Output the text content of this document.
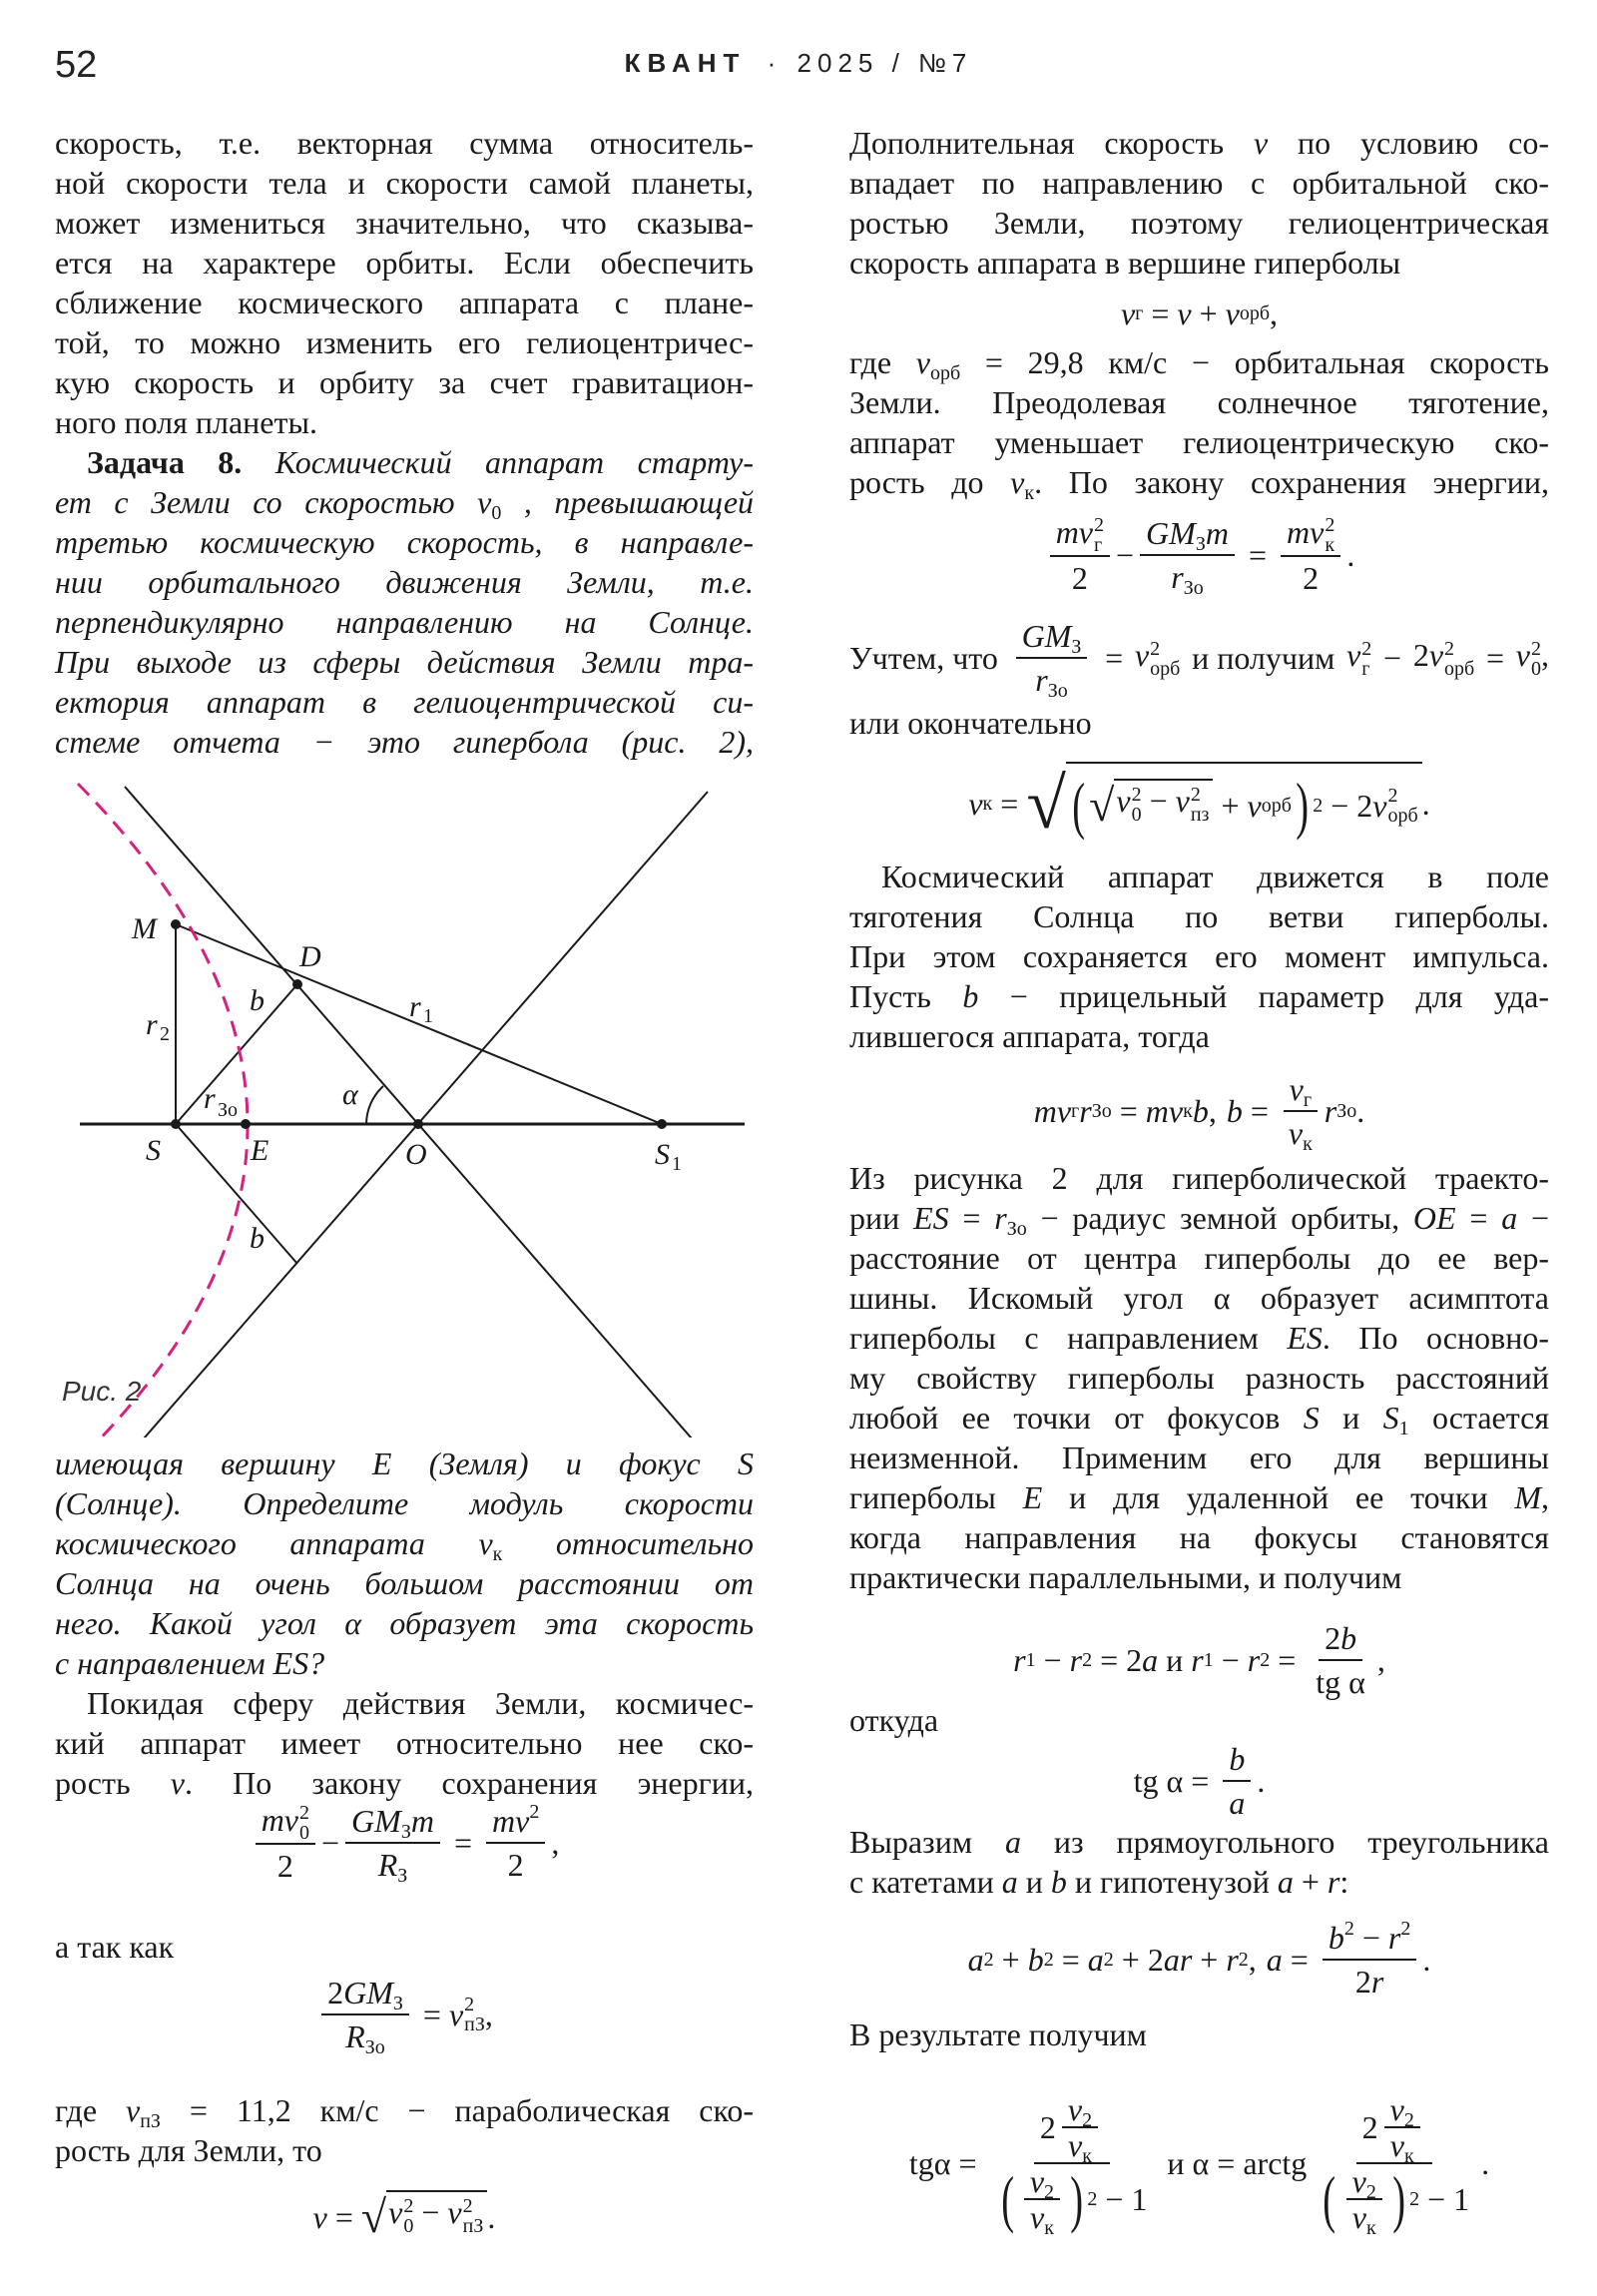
52	КВАНТ · 2025 / №7
скорость, т.е. векторная сумма относитель-
ной скорости тела и скорости самой планеты,
может измениться значительно, что сказыва-
ется на характере орбиты. Если обеспечить
сближение космического аппарата с плане-
той, то можно изменить его гелиоцентричес-
кую скорость и орбиту за счет гравитацион-
ного поля планеты.
Задача 8. Космический аппарат старту-
ет с Земли со скоростью $v_0$ , превышающей
третью космическую скорость, в направле-
нии орбитального движения Земли, т.е.
перпендикулярно направлению на Солнце.
При выходе из сферы действия Земли тра-
ектория аппарат в гелиоцентрической си-
стеме отчета − это гипербола (рис. 2),
M
D
r 2
r 1
b
b
r Зо	α
S	E	O	S 1
Рис. 2
имеющая вершину E (Земля) и фокус S
(Солнце). Определите модуль скорости
космического аппарата $v_к$ относительно
Солнца на очень большом расстоянии от
него. Какой угол α образует эта скорость
с направлением ES?
Покидая сферу действия Земли, космичес-
кий аппарат имеет относительно нее ско-
рость v. По закону сохранения энергии,
mv 2
0
$2 - \frac{GM_Зm}{R_З} = \frac{mv^2}{2}$ ,
а так как
$\frac{2GM_З}{R_{Зо}} = v$ 2
пЗ ,
где $v_{пЗ} = 11,2$ км/с − параболическая ско-
рость для Земли, то
v = √ v 2
0 − v 2
пЗ .
Дополнительная скорость v по условию со-
впадает по направлению с орбитальной ско-
ростью Земли, поэтому гелиоцентрическая
скорость аппарата в вершине гиперболы
v г = v + v орб ,
где $v_{орб} = 29,8$ км/с − орбитальная скорость
Земли. Преодолевая солнечное тяготение,
аппарат уменьшает гелиоцентрическую ско-
рость до $v_к$. По закону сохранения энергии,
mv 2
г
$2 - \frac{GM_Зm}{r_{Зо}}$ = mv 2
к
2 .
Учтем, что $\frac{GM_З}{r_{Зо}} = v$ 2
орб и получим v 2
г − 2v 2
орб = v 2
0 ,
или окончательно
v к = √ ( √ v 2
0 − v 2
пз + v орб ) 2 − 2 v 2
орб .
Космический аппарат движется в поле
тяготения Солнца по ветви гиперболы.
При этом сохраняется его момент импульса.
Пусть b − прицельный параметр для уда-
лившегося аппарата, тогда
m v г r Зо = m v к b , $b = \frac{v_г}{v_к}$ r Зо .
Из рисунка 2 для гиперболической траекто-
рии ES = $r_{Зо}$ − радиус земной орбиты, OE = a −
расстояние от центра гиперболы до ее вер-
шины. Искомый угол α образует асимптота
гиперболы с направлением ES. По основно-
му свойству гиперболы разность расстояний
любой ее точки от фокусов S и $S_1$ остается
неизменной. Применим его для вершины
гиперболы E и для удаленной ее точки M,
когда направления на фокусы становятся
практически параллельными, и получим
r 1 − r 2 = 2 a и r 1 − r $2 = \frac{2b}{\text{tg α}}$ ,
откуда
tg
$\alpha = \frac{b}{a}$ .
Выразим a из прямоугольного треугольника
с катетами a и b и гипотенузой a + r:
a 2 + b 2 = a 2 + 2 a r + r 2 , $a = \frac{b^2 - r^2}{2r}$ .
В результате получим
tg $\alpha = \frac{2 \frac{v_2}{v_к}}{( \frac{v_2}{v_к} ) 2 - 1}$ и α = arctg $\frac{2 \frac{v_2}{v_к}}{( \frac{v_2}{v_к} ) 2 - 1}$ .
